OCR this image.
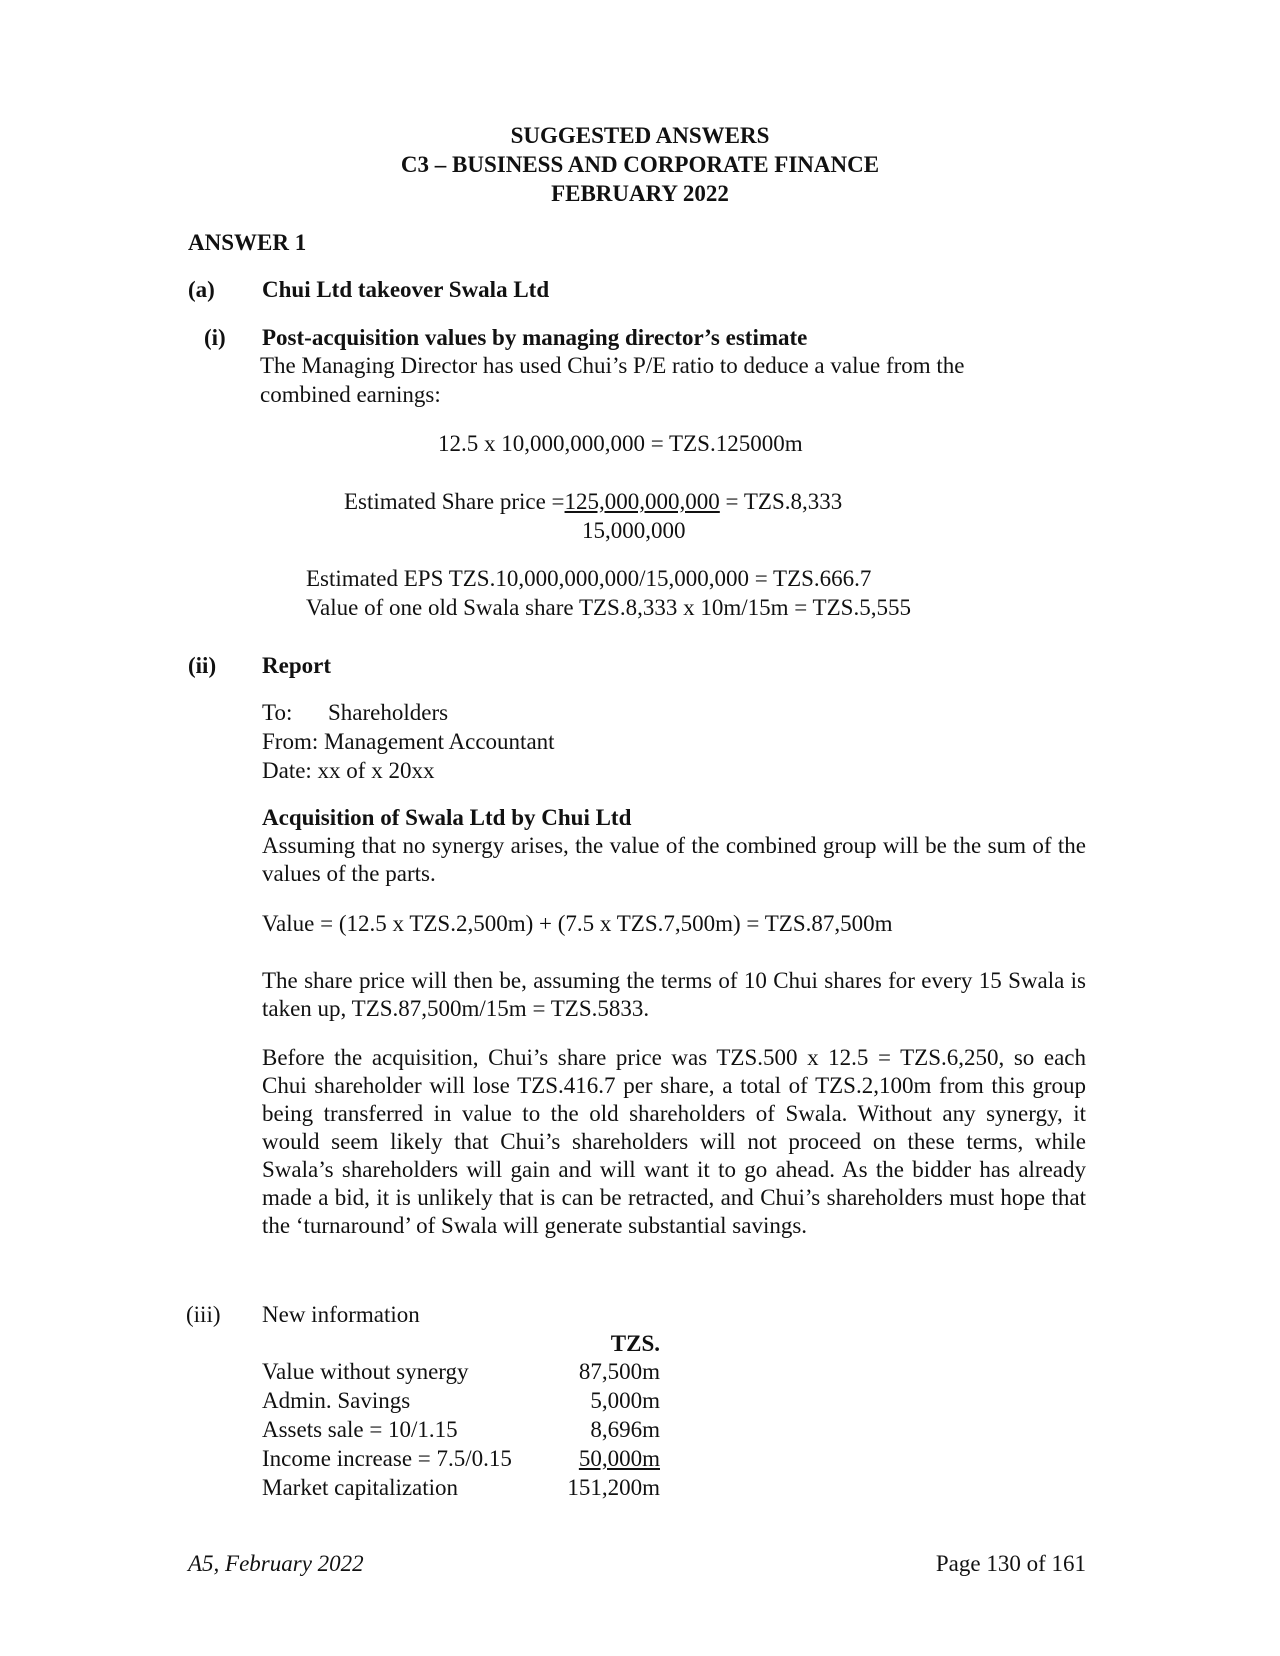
SUGGESTED ANSWERS
C3 – BUSINESS AND CORPORATE FINANCE
FEBRUARY 2022
ANSWER 1
(a) Chui Ltd takeover Swala Ltd
(i) Post-acquisition values by managing director’s estimate
The Managing Director has used Chui’s P/E ratio to deduce a value from the
combined earnings:
12.5 x 10,000,000,000 = TZS.125000m
Estimated Share price =125,000,000,000 = TZS.8,333
15,000,000
Estimated EPS TZS.10,000,000,000/15,000,000 = TZS.666.7
Value of one old Swala share TZS.8,333 x 10m/15m = TZS.5,555
(ii) Report
To: Shareholders
From: Management Accountant
Date: xx of x 20xx
Acquisition of Swala Ltd by Chui Ltd
Assuming that no synergy arises, the value of the combined group will be the sum of the values of the parts.
Value = (12.5 x TZS.2,500m) + (7.5 x TZS.7,500m) = TZS.87,500m
The share price will then be, assuming the terms of 10 Chui shares for every 15 Swala is taken up, TZS.87,500m/15m = TZS.5833.
Before the acquisition, Chui’s share price was TZS.500 x 12.5 = TZS.6,250, so each Chui shareholder will lose TZS.416.7 per share, a total of TZS.2,100m from this group being transferred in value to the old shareholders of Swala. Without any synergy, it would seem likely that Chui’s shareholders will not proceed on these terms, while Swala’s shareholders will gain and will want it to go ahead. As the bidder has already made a bid, it is unlikely that is can be retracted, and Chui’s shareholders must hope that the ‘turnaround’ of Swala will generate substantial savings.
(iii) New information
TZS.
Value without synergy	87,500m
Admin. Savings	5,000m
Assets sale = 10/1.15	8,696m
Income increase = 7.5/0.15	50,000m
Market capitalization	151,200m
A5, February 2022	Page 130 of 161
